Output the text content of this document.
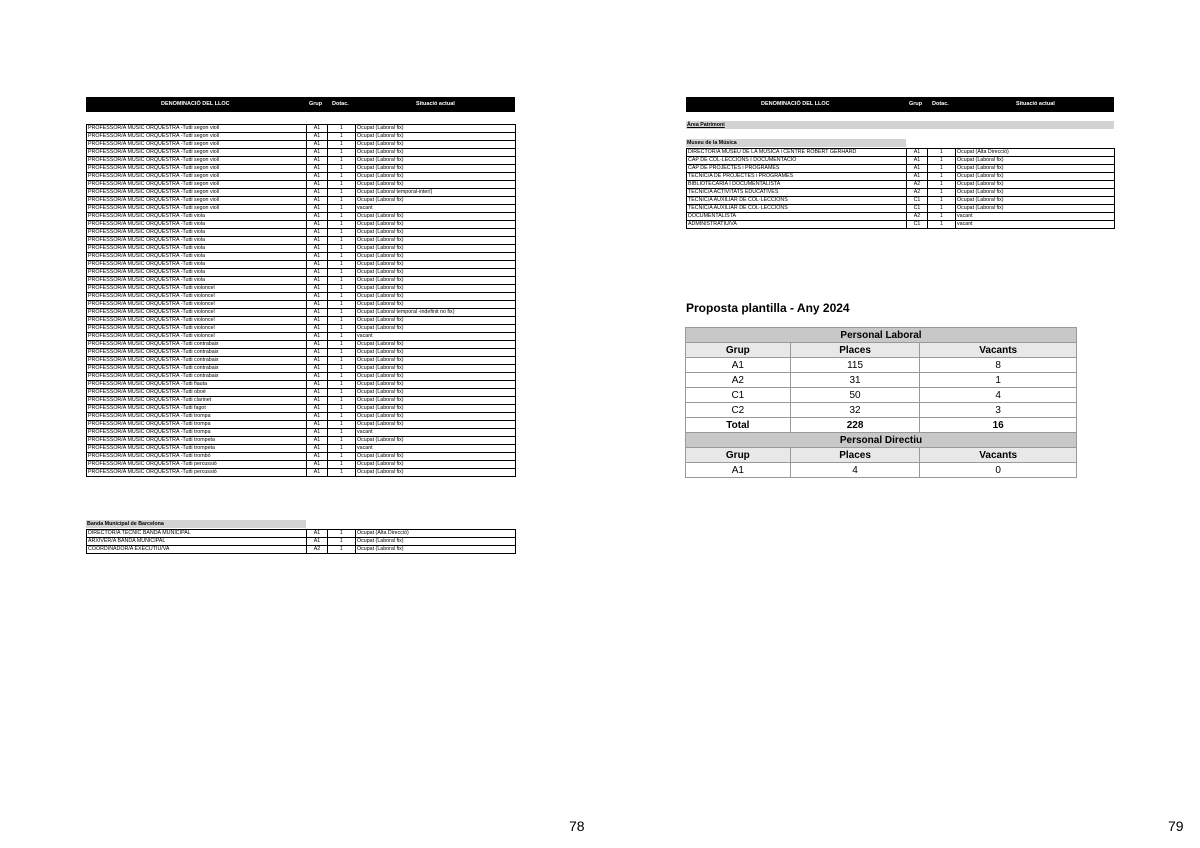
DENOMINACIÓ DEL LLOC	Grup Dotac.	Situació actual
PROFESSOR/A MÚSIC ORQUESTRA -Tutti segon violí	A1	1	Ocupat (Laboral fix)
PROFESSOR/A MÚSIC ORQUESTRA -Tutti segon violí	A1	1	Ocupat (Laboral fix)
PROFESSOR/A MÚSIC ORQUESTRA -Tutti segon violí	A1	1	Ocupat (Laboral fix)
PROFESSOR/A MÚSIC ORQUESTRA -Tutti segon violí	A1	1	Ocupat (Laboral fix)
PROFESSOR/A MÚSIC ORQUESTRA -Tutti segon violí	A1	1	Ocupat (Laboral fix)
PROFESSOR/A MÚSIC ORQUESTRA -Tutti segon violí	A1	1	Ocupat (Laboral fix)
PROFESSOR/A MÚSIC ORQUESTRA -Tutti segon violí	A1	1	Ocupat (Laboral fix)
PROFESSOR/A MÚSIC ORQUESTRA -Tutti segon violí	A1	1	Ocupat (Laboral fix)
PROFESSOR/A MÚSIC ORQUESTRA -Tutti segon violí	A1	1	Ocupat (Laboral temporal-interí)
PROFESSOR/A MÚSIC ORQUESTRA -Tutti segon violí	A1	1	Ocupat (Laboral fix)
PROFESSOR/A MÚSIC ORQUESTRA -Tutti segon violí	A1	1	vacant
PROFESSOR/A MÚSIC ORQUESTRA -Tutti viola	A1	1	Ocupat (Laboral fix)
PROFESSOR/A MÚSIC ORQUESTRA -Tutti viola	A1	1	Ocupat (Laboral fix)
PROFESSOR/A MÚSIC ORQUESTRA -Tutti viola	A1	1	Ocupat (Laboral fix)
PROFESSOR/A MÚSIC ORQUESTRA -Tutti viola	A1	1	Ocupat (Laboral fix)
PROFESSOR/A MÚSIC ORQUESTRA -Tutti viola	A1	1	Ocupat (Laboral fix)
PROFESSOR/A MÚSIC ORQUESTRA -Tutti viola	A1	1	Ocupat (Laboral fix)
PROFESSOR/A MÚSIC ORQUESTRA -Tutti viola	A1	1	Ocupat (Laboral fix)
PROFESSOR/A MÚSIC ORQUESTRA -Tutti viola	A1	1	Ocupat (Laboral fix)
PROFESSOR/A MÚSIC ORQUESTRA -Tutti viola	A1	1	Ocupat (Laboral fix)
PROFESSOR/A MÚSIC ORQUESTRA -Tutti violoncel	A1	1	Ocupat (Laboral fix)
PROFESSOR/A MÚSIC ORQUESTRA -Tutti violoncel	A1	1	Ocupat (Laboral fix)
PROFESSOR/A MÚSIC ORQUESTRA -Tutti violoncel	A1	1	Ocupat (Laboral fix)
PROFESSOR/A MÚSIC ORQUESTRA -Tutti violoncel	A1	1	Ocupat (Laboral temporal -indefinit no fix)
PROFESSOR/A MÚSIC ORQUESTRA -Tutti violoncel	A1	1	Ocupat (Laboral fix)
PROFESSOR/A MÚSIC ORQUESTRA -Tutti violoncel	A1	1	Ocupat (Laboral fix)
PROFESSOR/A MÚSIC ORQUESTRA -Tutti violoncel	A1	1	vacant
PROFESSOR/A MÚSIC ORQUESTRA -Tutti contrabaix	A1	1	Ocupat (Laboral fix)
PROFESSOR/A MÚSIC ORQUESTRA -Tutti contrabaix	A1	1	Ocupat (Laboral fix)
PROFESSOR/A MÚSIC ORQUESTRA -Tutti contrabaix	A1	1	Ocupat (Laboral fix)
PROFESSOR/A MÚSIC ORQUESTRA -Tutti contrabaix	A1	1	Ocupat (Laboral fix)
PROFESSOR/A MÚSIC ORQUESTRA -Tutti contrabaix	A1	1	Ocupat (Laboral fix)
PROFESSOR/A MÚSIC ORQUESTRA -Tutti flauta	A1	1	Ocupat (Laboral fix)
PROFESSOR/A MÚSIC ORQUESTRA -Tutti oboè	A1	1	Ocupat (Laboral fix)
PROFESSOR/A MÚSIC ORQUESTRA -Tutti clarinet	A1	1	Ocupat (Laboral fix)
PROFESSOR/A MÚSIC ORQUESTRA -Tutti fagot	A1	1	Ocupat (Laboral fix)
PROFESSOR/A MÚSIC ORQUESTRA -Tutti trompa	A1	1	Ocupat (Laboral fix)
PROFESSOR/A MÚSIC ORQUESTRA -Tutti trompa	A1	1	Ocupat (Laboral fix)
PROFESSOR/A MÚSIC ORQUESTRA -Tutti trompa	A1	1	vacant
PROFESSOR/A MÚSIC ORQUESTRA -Tutti trompeta	A1	1	Ocupat (Laboral fix)
PROFESSOR/A MÚSIC ORQUESTRA -Tutti trompeta	A1	1	vacant
PROFESSOR/A MÚSIC ORQUESTRA -Tutti trombó	A1	1	Ocupat (Laboral fix)
PROFESSOR/A MÚSIC ORQUESTRA -Tutti percussió	A1	1	Ocupat (Laboral fix)
PROFESSOR/A MÚSIC ORQUESTRA -Tutti percussió	A1	1	Ocupat (Laboral fix)
Banda Municipal de Barcelona
DIRECTOR/A TÈCNIC BANDA MUNICIPAL	A1	1	Ocupat (Alta Direcció)
ARXIVER/A BANDA MUNICIPAL	A1	1	Ocupat (Laboral fix)
COORDINADOR/A EXECUTIU/VA	A2	1	Ocupat (Laboral fix)
78
DENOMINACIÓ DEL LLOC	Grup Dotac.	Situació actual
Àrea Patrimoni
Museu de la Música
DIRECTOR/A MUSEU DE LA MÚSICA i CENTRE ROBERT GERHARD	A1	1	Ocupat (Alta Direcció)
CAP DE COL·LECCIONS I DOCUMENTACIÓ	A1	1	Ocupat (Laboral fix)
CAP DE PROJECTES i PROGRAMES	A1	1	Ocupat (Laboral fix)
TÈCNIC/A DE PROJECTES i PROGRAMES	A1	1	Ocupat (Laboral fix)
BIBLIOTECÀRIA I DOCUMENTALISTA	A2	1	Ocupat (Laboral fix)
TÈCNIC/A ACTIVITATS EDUCATIVES	A2	1	Ocupat (Laboral fix)
TÈCNIC/A AUXILIAR DE COL·LECCIONS	C1	1	Ocupat (Laboral fix)
TÈCNIC/A AUXILIAR DE COL·LECCIONS	C1	1	Ocupat (Laboral fix)
DOCUMENTALISTA	A2	1	vacant
ADMINISTRATIU/VA	C1	1	vacant
Proposta plantilla - Any 2024
Personal Laboral		
Grup	Places	Vacants
A1	115	8
A2	31	1
C1	50	4
C2	32	3
Total	228	16
Personal Directiu		
Grup	Places	Vacants
A1	4	0
79
